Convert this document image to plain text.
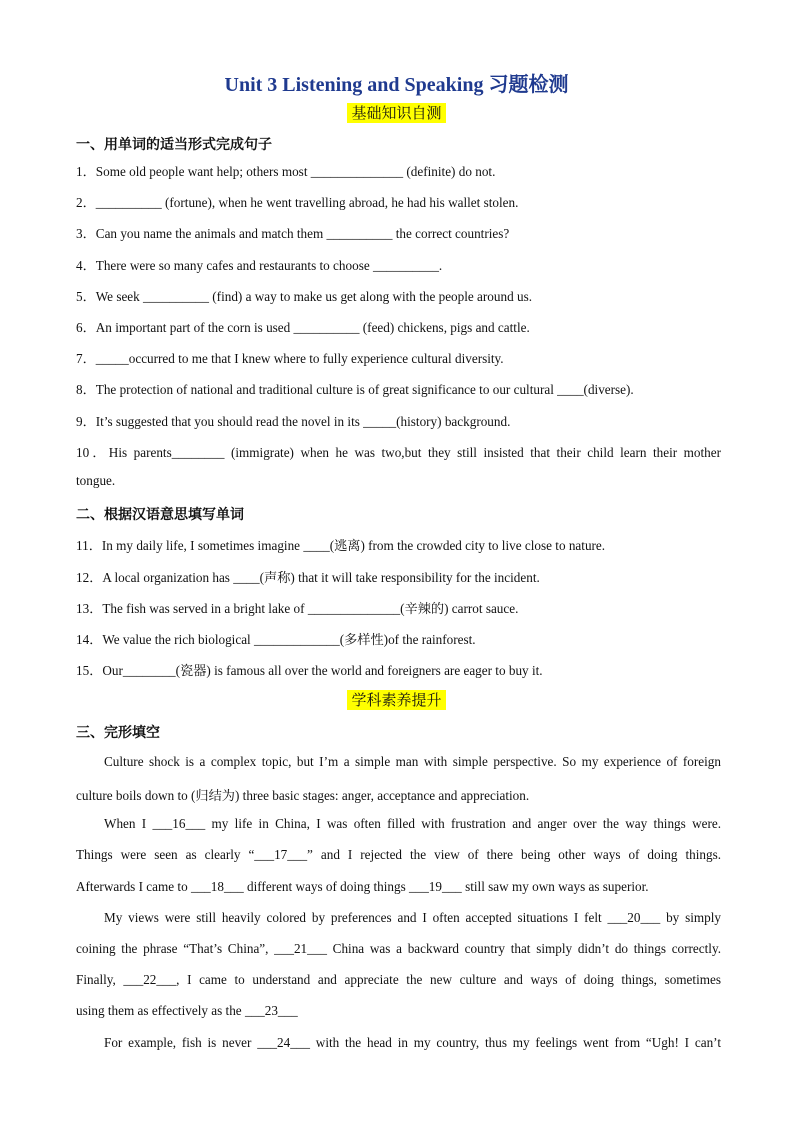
Unit 3 Listening and Speaking 习题检测
基础知识自测
一、用单词的适当形式完成句子
1．Some old people want help; others most ______________ (definite) do not.
2．__________ (fortune), when he went travelling abroad, he had his wallet stolen.
3．Can you name the animals and match them __________ the correct countries?
4．There were so many cafes and restaurants to choose __________.
5．We seek __________ (find) a way to make us get along with the people around us.
6．An important part of the corn is used __________ (feed) chickens, pigs and cattle.
7．_____occurred to me that I knew where to fully experience cultural diversity.
8．The protection of national and traditional culture is of great significance to our cultural ____(diverse).
9．It’s suggested that you should read the novel in its _____(history) background.
10．His parents________ (immigrate) when he was two,but they still insisted that their child learn their mother
tongue.
二、根据汉语意思填写单词
11．In my daily life, I sometimes imagine ____(逃离) from the crowded city to live close to nature.
12．A local organization has ____(声称) that it will take responsibility for the incident.
13．The fish was served in a bright lake of ______________(辛辣的) carrot sauce.
14．We value the rich biological _____________(多样性)of the rainforest.
15．Our________(瓷器) is famous all over the world and foreigners are eager to buy it.
学科素养提升
三、完形填空
Culture shock is a complex topic, but I’m a simple man with simple perspective. So my experience of foreign
culture boils down to (归结为) three basic stages: anger, acceptance and appreciation.
When I ___16___ my life in China, I was often filled with frustration and anger over the way things were.
Things were seen as clearly “___17___” and I rejected the view of there being other ways of doing things.
Afterwards I came to ___18___ different ways of doing things ___19___ still saw my own ways as superior.
My views were still heavily colored by preferences and I often accepted situations I felt ___20___ by simply
coining the phrase “That’s China”, ___21___ China was a backward country that simply didn’t do things correctly.
Finally, ___22___, I came to understand and appreciate the new culture and ways of doing things, sometimes
using them as effectively as the ___23___
For example, fish is never ___24___ with the head in my country, thus my feelings went from “Ugh! I can’t
